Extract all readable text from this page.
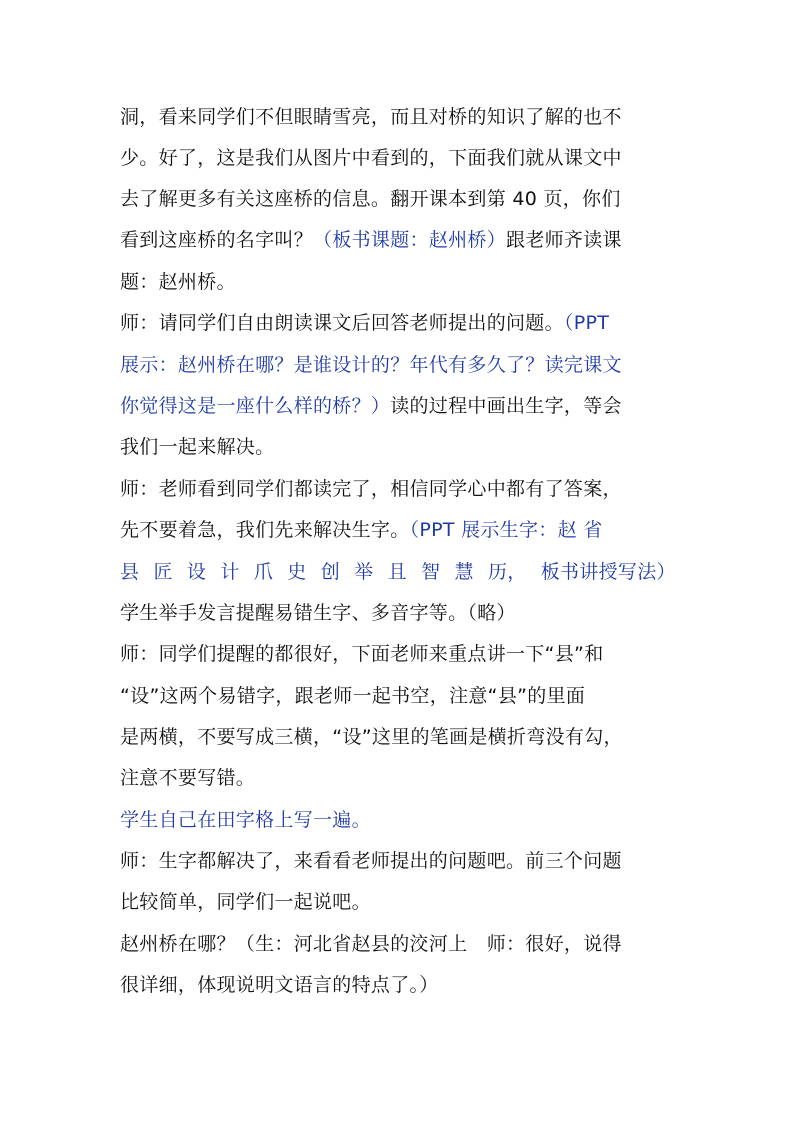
洞，看来同学们不但眼睛雪亮，而且对桥的知识了解的也不
少。好了，这是我们从图片中看到的，下面我们就从课文中
去了解更多有关这座桥的信息。翻开课本到第 40 页，你们
看到这座桥的名字叫？（板书课题：赵州桥）跟老师齐读课
题：赵州桥。
师：请同学们自由朗读课文后回答老师提出的问题。（PPT
展示：赵州桥在哪？是谁设计的？年代有多久了？读完课文
你觉得这是一座什么样的桥？）读的过程中画出生字，等会
我们一起来解决。
师：老师看到同学们都读完了，相信同学心中都有了答案，
先不要着急，我们先来解决生字。（PPT 展示生字：赵 省
县 匠 设 计 爪 史 创 举 且 智 慧 历， 板书讲授写法）
学生举手发言提醒易错生字、多音字等。（略）
师：同学们提醒的都很好，下面老师来重点讲一下“县”和
“设”这两个易错字，跟老师一起书空，注意“县”的里面
是两横，不要写成三横，“设”这里的笔画是横折弯没有勾，
注意不要写错。
学生自己在田字格上写一遍。
师：生字都解决了，来看看老师提出的问题吧。前三个问题
比较简单，同学们一起说吧。
赵州桥在哪？（生：河北省赵县的洨河上　师：很好，说得
很详细，体现说明文语言的特点了。）
